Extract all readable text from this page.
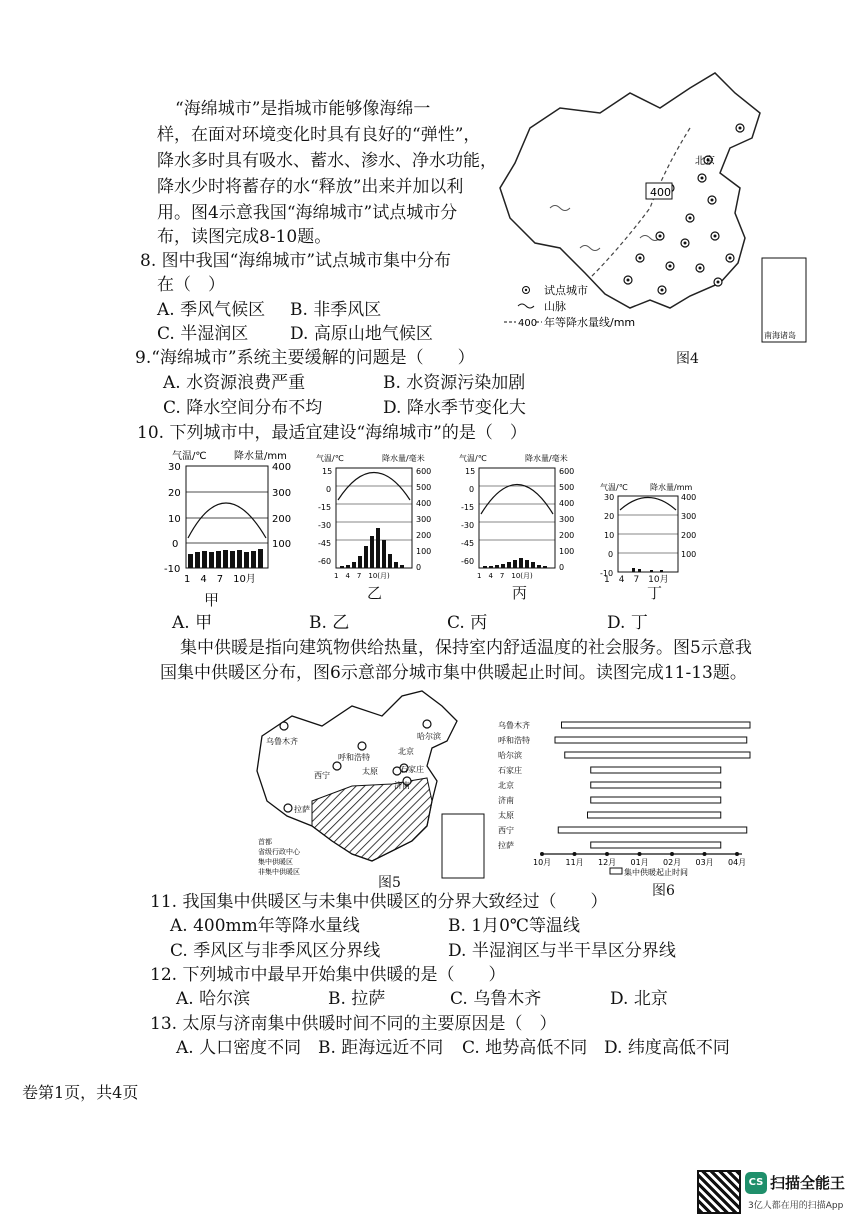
“海绵城市”是指城市能够像海绵一
样，在面对环境变化时具有良好的“弹性”，
降水多时具有吸水、蓄水、渗水、净水功能，
降水少时将蓄存的水“释放”出来并加以利
用。图4示意我国“海绵城市”试点城市分
布，读图完成8-10题。
8. 图中我国“海绵城市”试点城市集中分布
在（　）
A. 季风气候区 B. 非季风区
C. 半湿润区 D. 高原山地气候区
9.“海绵城市”系统主要缓解的问题是（　　）
A. 水资源浪费严重	B. 水资源污染加剧
C. 降水空间分布不均	D. 降水季节变化大
10. 下列城市中，最适宜建设“海绵城市”的是（　）
北京
400
南海诸岛
试点城市
山脉
400 年等降水量线/mm
图4
气温/℃	降水量/mm
30
20
10
0
-10
400
300
200
100
1　4　7　10月
甲
气温/℃	降水量/毫米
15
0
-15
-30
-45
-60
600
500
400
300
200
100
0
1　4　7　10(月)
乙
气温/℃	降水量/毫米
15
0
-15
-30
-45
-60
600
500
400
300
200
100
0
1　4　7　10(月)
丙
气温/℃	降水量/mm
30
20
10
0
-10
400
300
200
100
1　4　7　10月
丁
A. 甲	B. 乙	C. 丙	D. 丁
集中供暖是指向建筑物供给热量，保持室内舒适温度的社会服务。图5示意我
国集中供暖区分布，图6示意部分城市集中供暖起止时间。读图完成11-13题。
乌鲁木齐
哈尔滨
呼和浩特
北京
石家庄
西宁	太原
济南
拉萨
首都
省级行政中心
集中供暖区
非集中供暖区
图5
乌鲁木齐
呼和浩特
哈尔滨
石家庄
北京
济南
太原
西宁
拉萨
10月 11月 12月 01月 02月 03月 04月
集中供暖起止时间
图6
11. 我国集中供暖区与未集中供暖区的分界大致经过（　　）
A. 400mm年等降水量线	B. 1月0℃等温线
C. 季风区与非季风区分界线	D. 半湿润区与半干旱区分界线
12. 下列城市中最早开始集中供暖的是（　　）
A. 哈尔滨	B. 拉萨	C. 乌鲁木齐	D. 北京
13. 太原与济南集中供暖时间不同的主要原因是（　）
A. 人口密度不同 B. 距海远近不同 C. 地势高低不同 D. 纬度高低不同
卷第1页，共4页
CS 扫描全能王
3亿人都在用的扫描App
